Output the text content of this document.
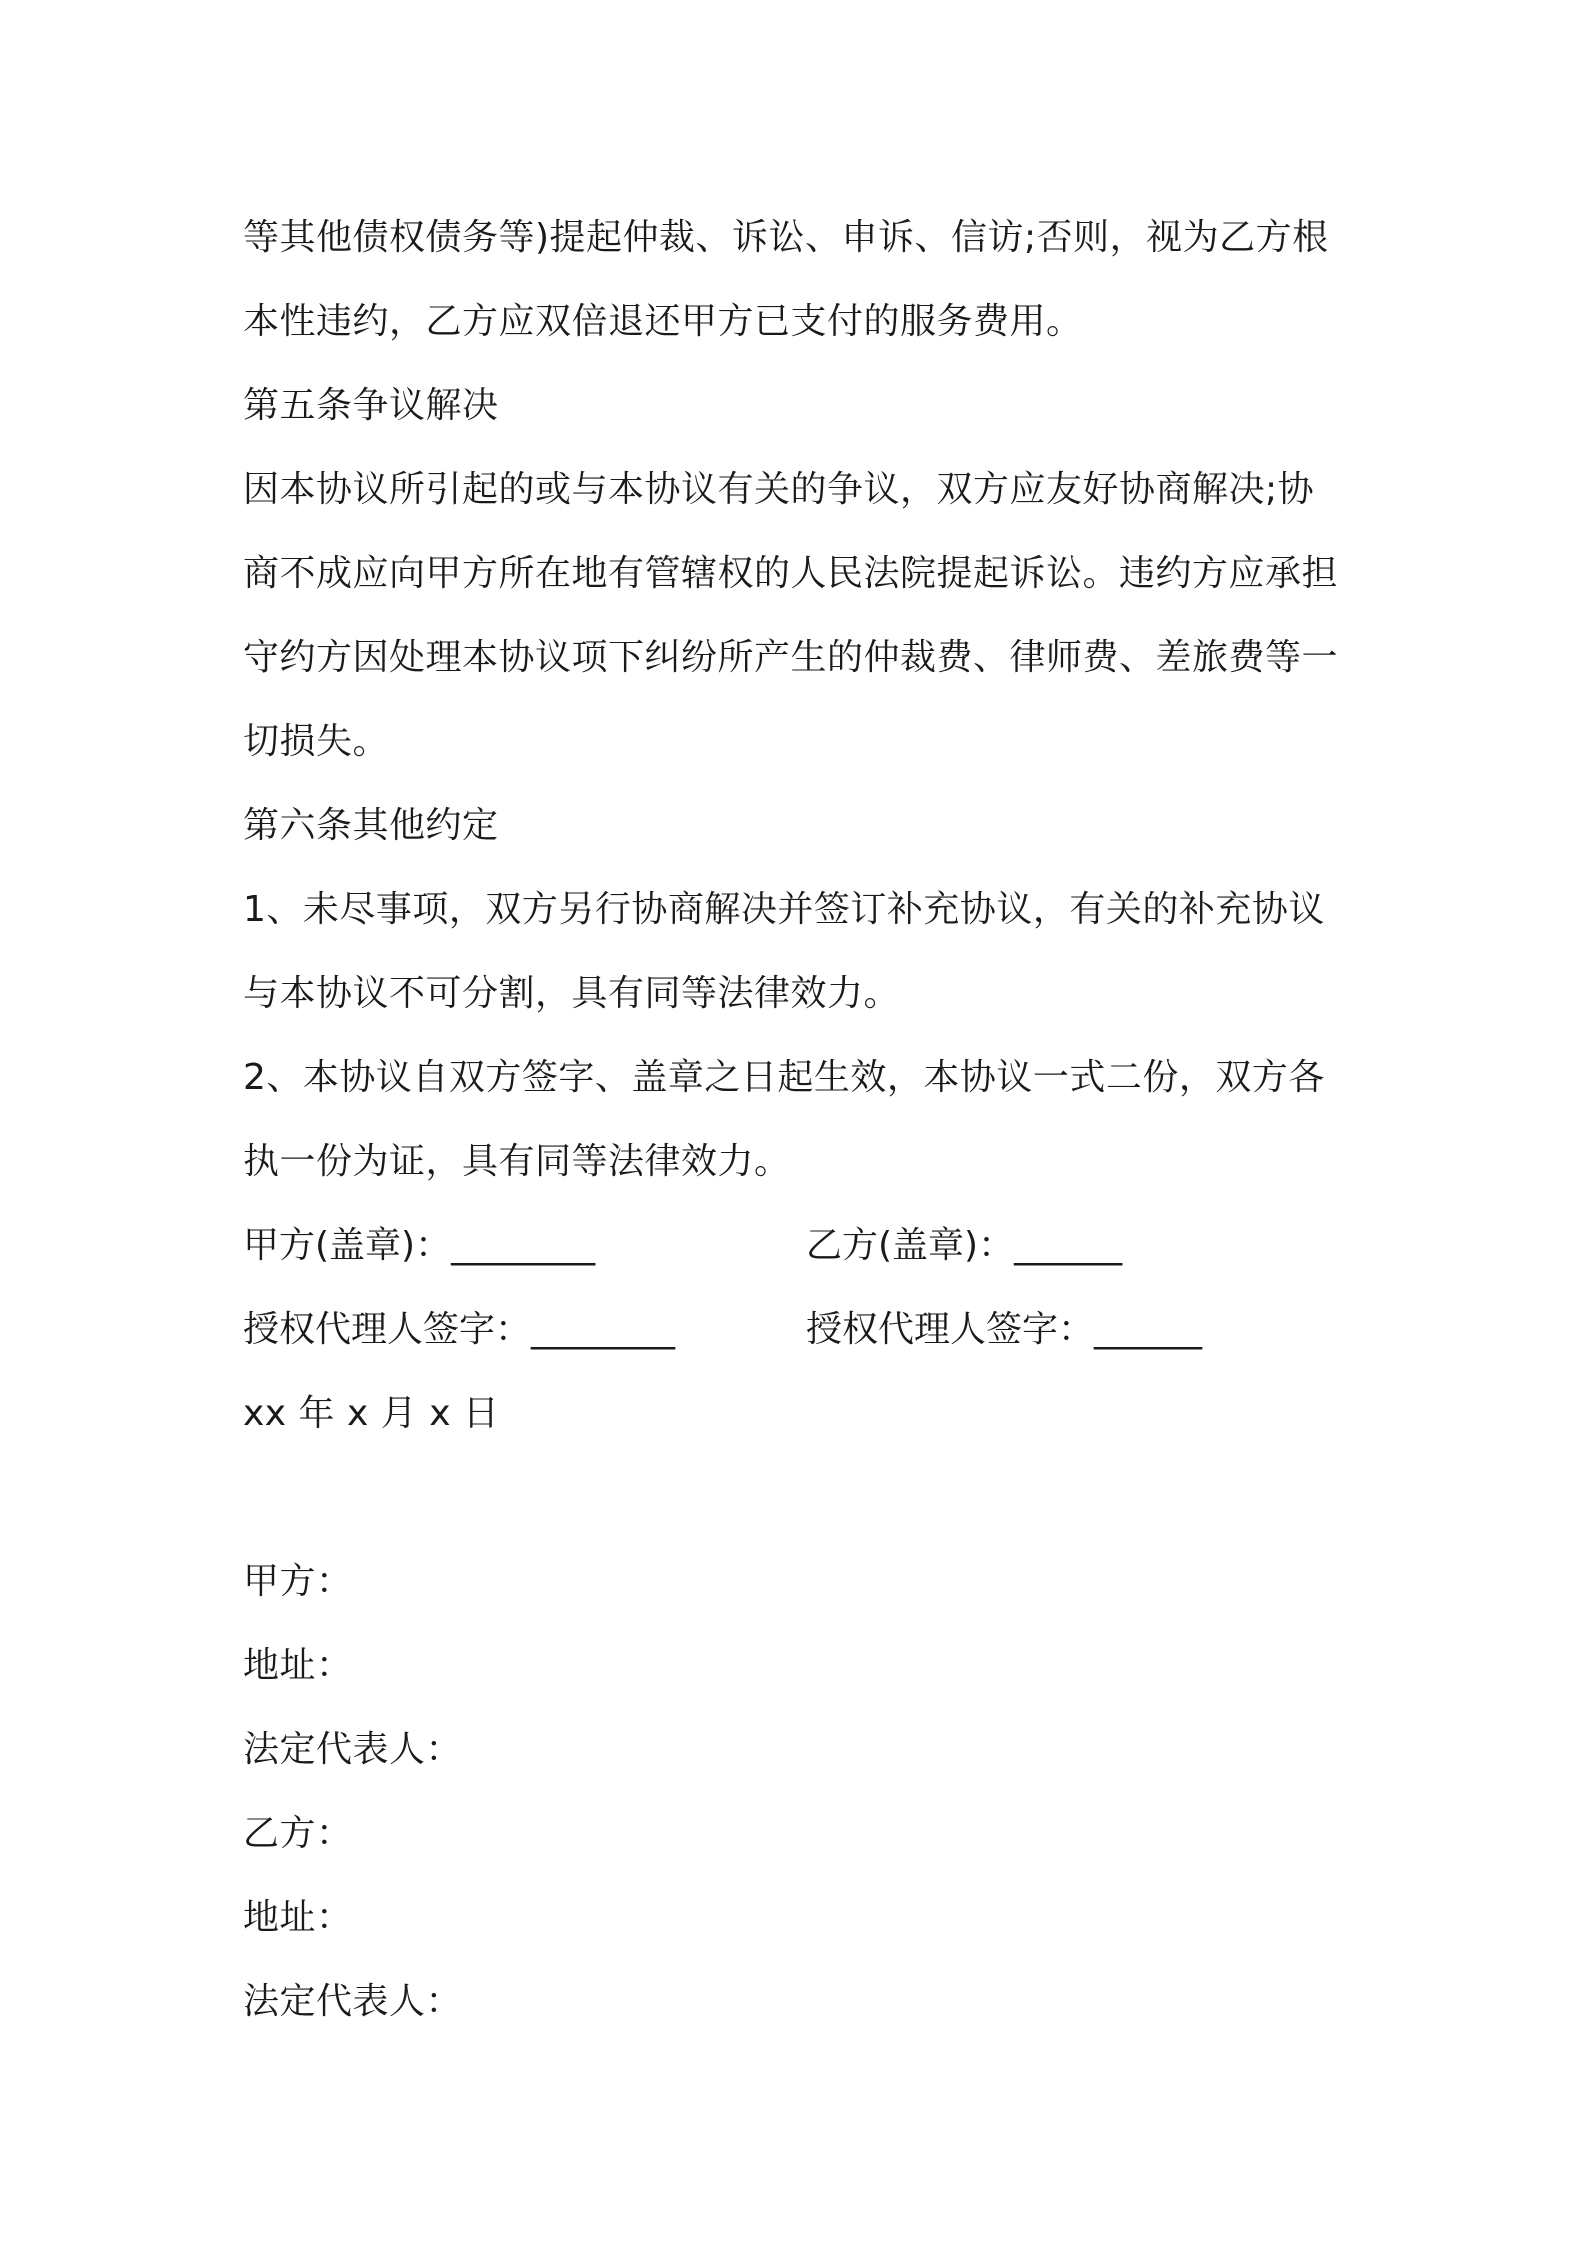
等其他债权债务等)提起仲裁、诉讼、申诉、信访;否则，视为乙方根
本性违约，乙方应双倍退还甲方已支付的服务费用。
第五条争议解决
因本协议所引起的或与本协议有关的争议，双方应友好协商解决;协
商不成应向甲方所在地有管辖权的人民法院提起诉讼。违约方应承担
守约方因处理本协议项下纠纷所产生的仲裁费、律师费、差旅费等一
切损失。
第六条其他约定
1、未尽事项，双方另行协商解决并签订补充协议，有关的补充协议
与本协议不可分割，具有同等法律效力。
2、本协议自双方签字、盖章之日起生效，本协议一式二份，双方各
执一份为证，具有同等法律效力。
甲方(盖章)：________	乙方(盖章)：______
授权代理人签字：________	授权代理人签字：______
xx 年 x 月 x 日
甲方：
地址：
法定代表人：
乙方：
地址：
法定代表人：
